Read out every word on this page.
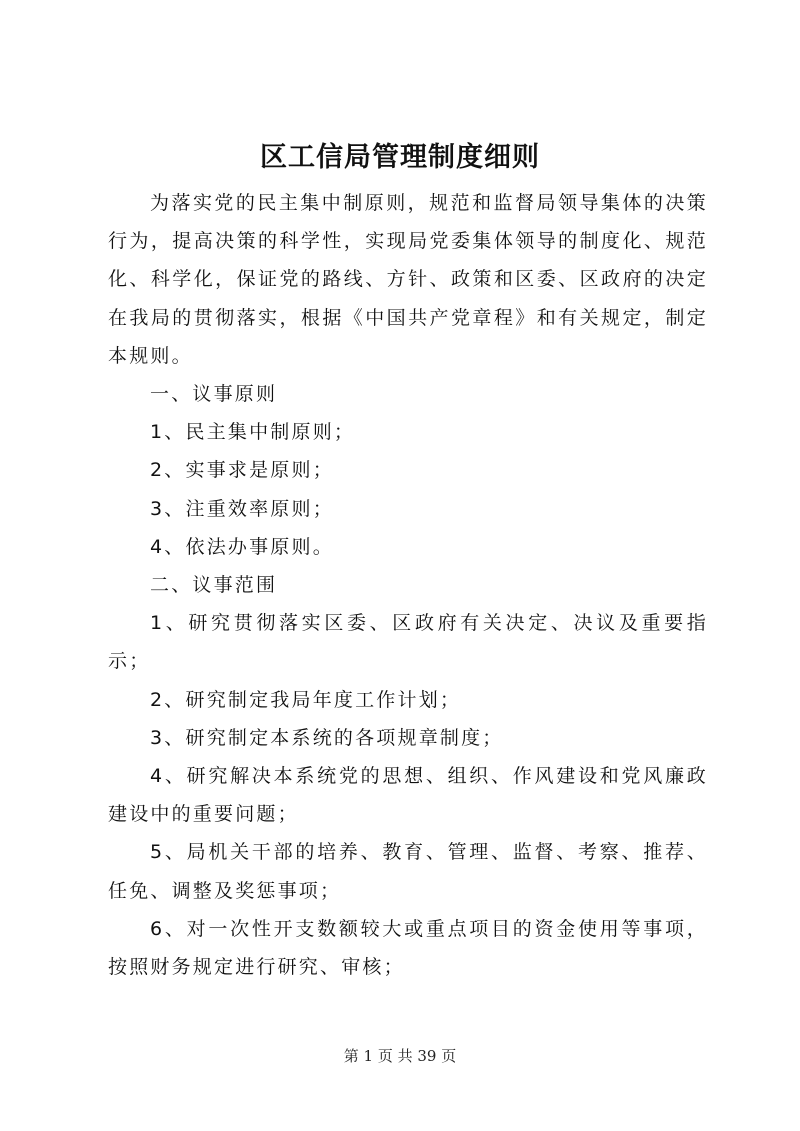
区工信局管理制度细则

为落实党的民主集中制原则，规范和监督局领导集体的决策行为，提高决策的科学性，实现局党委集体领导的制度化、规范化、科学化，保证党的路线、方针、政策和区委、区政府的决定在我局的贯彻落实，根据《中国共产党章程》和有关规定，制定本规则。

一、议事原则

1、民主集中制原则；

2、实事求是原则；

3、注重效率原则；

4、依法办事原则。

二、议事范围

1、研究贯彻落实区委、区政府有关决定、决议及重要指示；

2、研究制定我局年度工作计划；

3、研究制定本系统的各项规章制度；

4、研究解决本系统党的思想、组织、作风建设和党风廉政建设中的重要问题；

5、局机关干部的培养、教育、管理、监督、考察、推荐、任免、调整及奖惩事项；

6、对一次性开支数额较大或重点项目的资金使用等事项，按照财务规定进行研究、审核；

第 1 页 共 39 页
